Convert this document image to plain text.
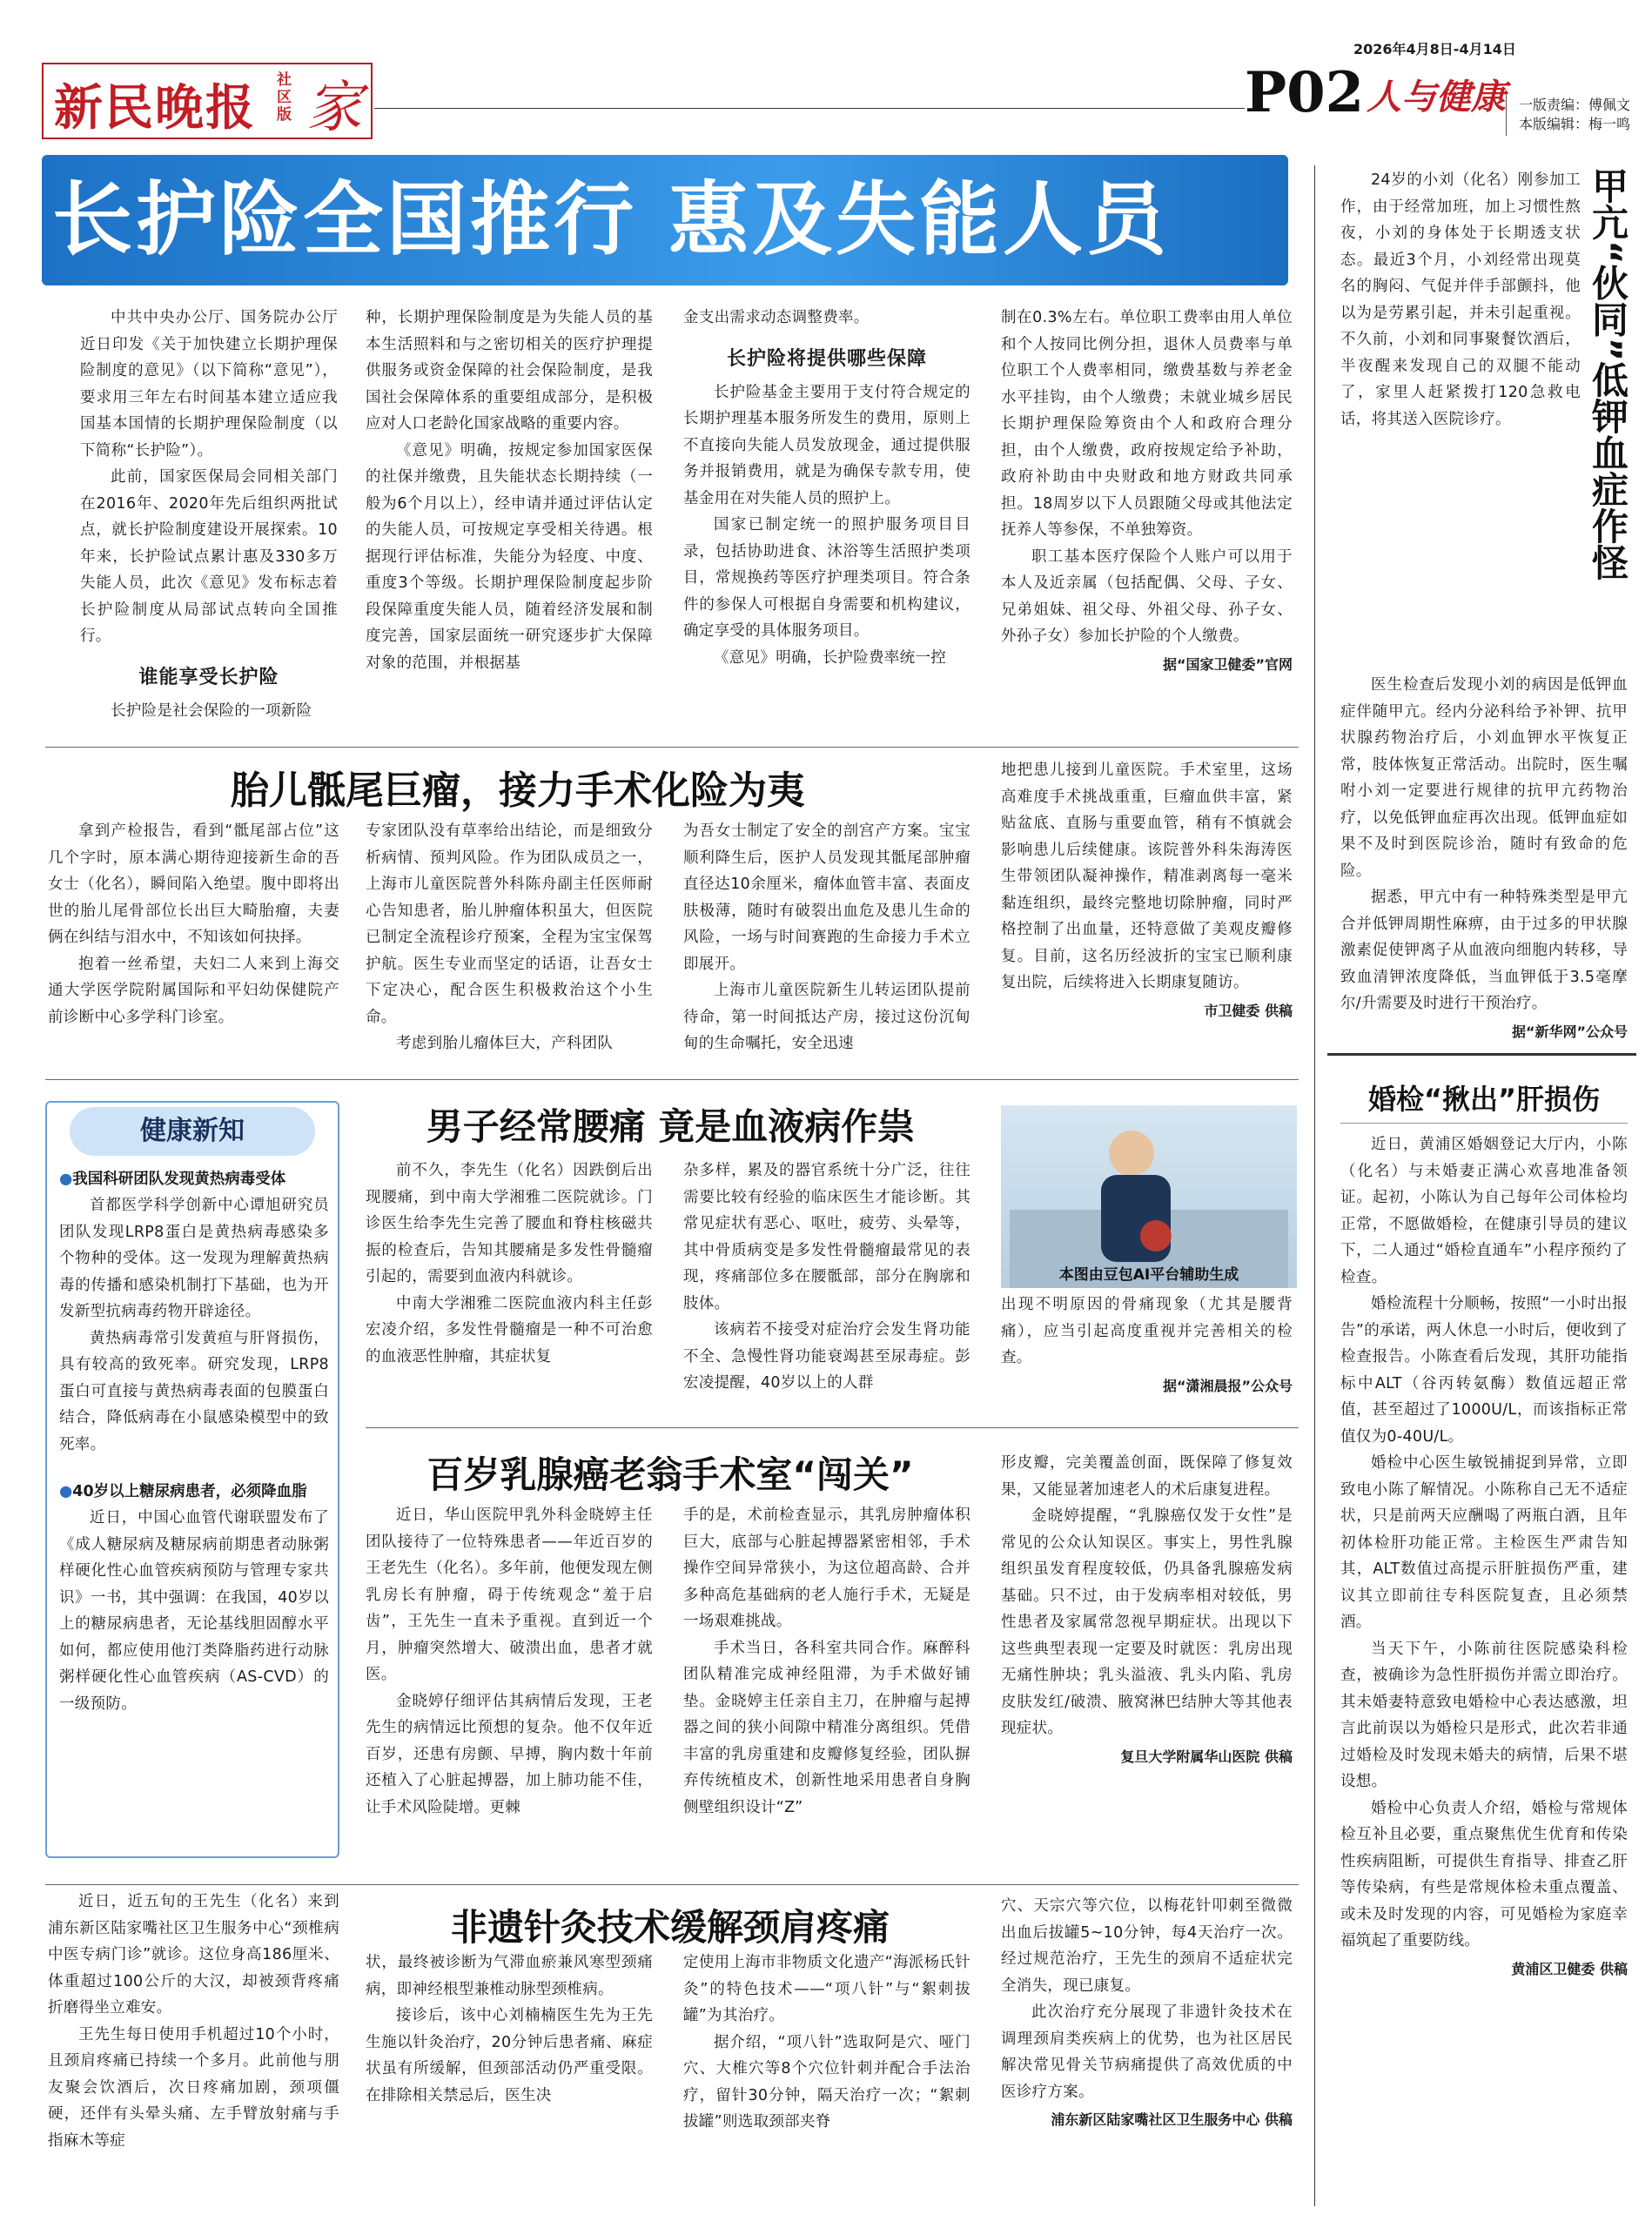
新民晚报 社区版 家	P02 人与健康
2026年4月8日-4月14日
一版责编：傅佩文
本版编辑：梅一鸣
长护险全国推行 惠及失能人员

中共中央办公厅、国务院办公厅近日印发《关于加快建立长期护理保险制度的意见》（以下简称“意见”），要求用三年左右时间基本建立适应我国基本国情的长期护理保险制度（以下简称“长护险”）。

此前，国家医保局会同相关部门在2016年、2020年先后组织两批试点，就长护险制度建设开展探索。10年来，长护险试点累计惠及330多万失能人员，此次《意见》发布标志着长护险制度从局部试点转向全国推行。

谁能享受长护险

长护险是社会保险的一项新险

种，长期护理保险制度是为失能人员的基本生活照料和与之密切相关的医疗护理提供服务或资金保障的社会保险制度，是我国社会保障体系的重要组成部分，是积极应对人口老龄化国家战略的重要内容。

《意见》明确，按规定参加国家医保的社保并缴费，且失能状态长期持续（一般为6个月以上），经申请并通过评估认定的失能人员，可按规定享受相关待遇。根据现行评估标准，失能分为轻度、中度、重度3个等级。长期护理保险制度起步阶段保障重度失能人员，随着经济发展和制度完善，国家层面统一研究逐步扩大保障对象的范围，并根据基

金支出需求动态调整费率。

长护险将提供哪些保障

长护险基金主要用于支付符合规定的长期护理基本服务所发生的费用，原则上不直接向失能人员发放现金，通过提供服务并报销费用，就是为确保专款专用，使基金用在对失能人员的照护上。

国家已制定统一的照护服务项目目录，包括协助进食、沐浴等生活照护类项目，常规换药等医疗护理类项目。符合条件的参保人可根据自身需要和机构建议，确定享受的具体服务项目。

《意见》明确，长护险费率统一控

制在0.3%左右。单位职工费率由用人单位和个人按同比例分担，退休人员费率与单位职工个人费率相同，缴费基数与养老金水平挂钩，由个人缴费；未就业城乡居民长期护理保险筹资由个人和政府合理分担，由个人缴费，政府按规定给予补助，政府补助由中央财政和地方财政共同承担。18周岁以下人员跟随父母或其他法定抚养人等参保，不单独筹资。

职工基本医疗保险个人账户可以用于本人及近亲属（包括配偶、父母、子女、兄弟姐妹、祖父母、外祖父母、孙子女、外孙子女）参加长护险的个人缴费。

据“国家卫健委”官网

24岁的小刘（化名）刚参加工作，由于经常加班，加上习惯性熬夜，小刘的身体处于长期透支状态。最近3个月，小刘经常出现莫名的胸闷、气促并伴手部颤抖，他以为是劳累引起，并未引起重视。不久前，小刘和同事聚餐饮酒后，半夜醒来发现自己的双腿不能动了，家里人赶紧拨打120急救电话，将其送入医院诊疗。	甲亢“伙同”低钾血症作怪

医生检查后发现小刘的病因是低钾血症伴随甲亢。经内分泌科给予补钾、抗甲状腺药物治疗后，小刘血钾水平恢复正常，肢体恢复正常活动。出院时，医生嘱咐小刘一定要进行规律的抗甲亢药物治疗，以免低钾血症再次出现。低钾血症如果不及时到医院诊治，随时有致命的危险。

据悉，甲亢中有一种特殊类型是甲亢合并低钾周期性麻痹，由于过多的甲状腺激素促使钾离子从血液向细胞内转移，导致血清钾浓度降低，当血钾低于3.5毫摩尔/升需要及时进行干预治疗。

据“新华网”公众号
婚检“揪出”肝损伤

近日，黄浦区婚姻登记大厅内，小陈（化名）与未婚妻正满心欢喜地准备领证。起初，小陈认为自己每年公司体检均正常，不愿做婚检，在健康引导员的建议下，二人通过“婚检直通车”小程序预约了检查。

婚检流程十分顺畅，按照“一小时出报告”的承诺，两人休息一小时后，便收到了检查报告。小陈查看后发现，其肝功能指标中ALT（谷丙转氨酶）数值远超正常值，甚至超过了1000U/L，而该指标正常值仅为0-40U/L。

婚检中心医生敏锐捕捉到异常，立即致电小陈了解情况。小陈称自己无不适症状，只是前两天应酬喝了两瓶白酒，且年初体检肝功能正常。主检医生严肃告知其，ALT数值过高提示肝脏损伤严重，建议其立即前往专科医院复查，且必须禁酒。

当天下午，小陈前往医院感染科检查，被确诊为急性肝损伤并需立即治疗。其未婚妻特意致电婚检中心表达感激，坦言此前误以为婚检只是形式，此次若非通过婚检及时发现未婚夫的病情，后果不堪设想。

婚检中心负责人介绍，婚检与常规体检互补且必要，重点聚焦优生优育和传染性疾病阻断，可提供生育指导、排查乙肝等传染病，有些是常规体检未重点覆盖、或未及时发现的内容，可见婚检为家庭幸福筑起了重要防线。

黄浦区卫健委 供稿
胎儿骶尾巨瘤，接力手术化险为夷

拿到产检报告，看到“骶尾部占位”这几个字时，原本满心期待迎接新生命的吾女士（化名），瞬间陷入绝望。腹中即将出世的胎儿尾骨部位长出巨大畸胎瘤，夫妻俩在纠结与泪水中，不知该如何抉择。

抱着一丝希望，夫妇二人来到上海交通大学医学院附属国际和平妇幼保健院产前诊断中心多学科门诊室。

专家团队没有草率给出结论，而是细致分析病情、预判风险。作为团队成员之一，上海市儿童医院普外科陈舟副主任医师耐心告知患者，胎儿肿瘤体积虽大，但医院已制定全流程诊疗预案，全程为宝宝保驾护航。医生专业而坚定的话语，让吾女士下定决心，配合医生积极救治这个小生命。

考虑到胎儿瘤体巨大，产科团队

为吾女士制定了安全的剖宫产方案。宝宝顺利降生后，医护人员发现其骶尾部肿瘤直径达10余厘米，瘤体血管丰富、表面皮肤极薄，随时有破裂出血危及患儿生命的风险，一场与时间赛跑的生命接力手术立即展开。

上海市儿童医院新生儿转运团队提前待命，第一时间抵达产房，接过这份沉甸甸的生命嘱托，安全迅速

地把患儿接到儿童医院。手术室里，这场高难度手术挑战重重，巨瘤血供丰富，紧贴盆底、直肠与重要血管，稍有不慎就会影响患儿后续健康。该院普外科朱海涛医生带领团队凝神操作，精准剥离每一毫米黏连组织，最终完整地切除肿瘤，同时严格控制了出血量，还特意做了美观皮瓣修复。目前，这名历经波折的宝宝已顺利康复出院，后续将进入长期康复随访。

市卫健委 供稿
健康新知
●我国科研团队发现黄热病毒受体

首都医学科学创新中心谭旭研究员团队发现LRP8蛋白是黄热病毒感染多个物种的受体。这一发现为理解黄热病毒的传播和感染机制打下基础，也为开发新型抗病毒药物开辟途径。

黄热病毒常引发黄疸与肝肾损伤，具有较高的致死率。研究发现，LRP8蛋白可直接与黄热病毒表面的包膜蛋白结合，降低病毒在小鼠感染模型中的致死率。

●40岁以上糖尿病患者，必须降血脂

近日，中国心血管代谢联盟发布了《成人糖尿病及糖尿病前期患者动脉粥样硬化性心血管疾病预防与管理专家共识》一书，其中强调：在我国，40岁以上的糖尿病患者，无论基线胆固醇水平如何，都应使用他汀类降脂药进行动脉粥样硬化性心血管疾病（AS-CVD）的一级预防。

男子经常腰痛 竟是血液病作祟

前不久，李先生（化名）因跌倒后出现腰痛，到中南大学湘雅二医院就诊。门诊医生给李先生完善了腰血和脊柱核磁共振的检查后，告知其腰痛是多发性骨髓瘤引起的，需要到血液内科就诊。

中南大学湘雅二医院血液内科主任彭宏凌介绍，多发性骨髓瘤是一种不可治愈的血液恶性肿瘤，其症状复

杂多样，累及的器官系统十分广泛，往往需要比较有经验的临床医生才能诊断。其常见症状有恶心、呕吐，疲劳、头晕等，其中骨质病变是多发性骨髓瘤最常见的表现，疼痛部位多在腰骶部，部分在胸廓和肢体。

该病若不接受对症治疗会发生肾功能不全、急慢性肾功能衰竭甚至尿毒症。彭宏凌提醒，40岁以上的人群

本图由豆包AI平台辅助生成

出现不明原因的骨痛现象（尤其是腰背痛），应当引起高度重视并完善相关的检查。

据“潇湘晨报”公众号
百岁乳腺癌老翁手术室“闯关”

近日，华山医院甲乳外科金晓婷主任团队接待了一位特殊患者——年近百岁的王老先生（化名）。多年前，他便发现左侧乳房长有肿瘤，碍于传统观念“羞于启齿”，王先生一直未予重视。直到近一个月，肿瘤突然增大、破溃出血，患者才就医。

金晓婷仔细评估其病情后发现，王老先生的病情远比预想的复杂。他不仅年近百岁，还患有房颤、早搏，胸内数十年前还植入了心脏起搏器，加上肺功能不佳，让手术风险陡增。更棘

手的是，术前检查显示，其乳房肿瘤体积巨大，底部与心脏起搏器紧密相邻，手术操作空间异常狭小，为这位超高龄、合并多种高危基础病的老人施行手术，无疑是一场艰难挑战。

手术当日，各科室共同合作。麻醉科团队精准完成神经阻滞，为手术做好铺垫。金晓婷主任亲自主刀，在肿瘤与起搏器之间的狭小间隙中精准分离组织。凭借丰富的乳房重建和皮瓣修复经验，团队摒弃传统植皮术，创新性地采用患者自身胸侧壁组织设计“Z”

形皮瓣，完美覆盖创面，既保障了修复效果，又能显著加速老人的术后康复进程。

金晓婷提醒，“乳腺癌仅发于女性”是常见的公众认知误区。事实上，男性乳腺组织虽发育程度较低，仍具备乳腺癌发病基础。只不过，由于发病率相对较低，男性患者及家属常忽视早期症状。出现以下这些典型表现一定要及时就医：乳房出现无痛性肿块；乳头溢液、乳头内陷、乳房皮肤发红/破溃、腋窝淋巴结肿大等其他表现症状。

复旦大学附属华山医院 供稿

近日，近五旬的王先生（化名）来到浦东新区陆家嘴社区卫生服务中心“颈椎病中医专病门诊”就诊。这位身高186厘米、体重超过100公斤的大汉，却被颈背疼痛折磨得坐立难安。

王先生每日使用手机超过10个小时，且颈肩疼痛已持续一个多月。此前他与朋友聚会饮酒后，次日疼痛加剧，颈项僵硬，还伴有头晕头痛、左手臂放射痛与手指麻木等症

非遗针灸技术缓解颈肩疼痛

状，最终被诊断为气滞血瘀兼风寒型颈痛病，即神经根型兼椎动脉型颈椎病。

接诊后，该中心刘楠楠医生先为王先生施以针灸治疗，20分钟后患者痛、麻症状虽有所缓解，但颈部活动仍严重受限。在排除相关禁忌后，医生决

定使用上海市非物质文化遗产“海派杨氏针灸”的特色技术——“项八针”与“絮刺拔罐”为其治疗。

据介绍，“项八针”选取阿是穴、哑门穴、大椎穴等8个穴位针刺并配合手法治疗，留针30分钟，隔天治疗一次；“絮刺拔罐”则选取颈部夹脊

穴、天宗穴等穴位，以梅花针叩刺至微微出血后拔罐5~10分钟，每4天治疗一次。经过规范治疗，王先生的颈肩不适症状完全消失，现已康复。

此次治疗充分展现了非遗针灸技术在调理颈肩类疾病上的优势，也为社区居民解决常见骨关节病痛提供了高效优质的中医诊疗方案。

浦东新区陆家嘴社区卫生服务中心 供稿
